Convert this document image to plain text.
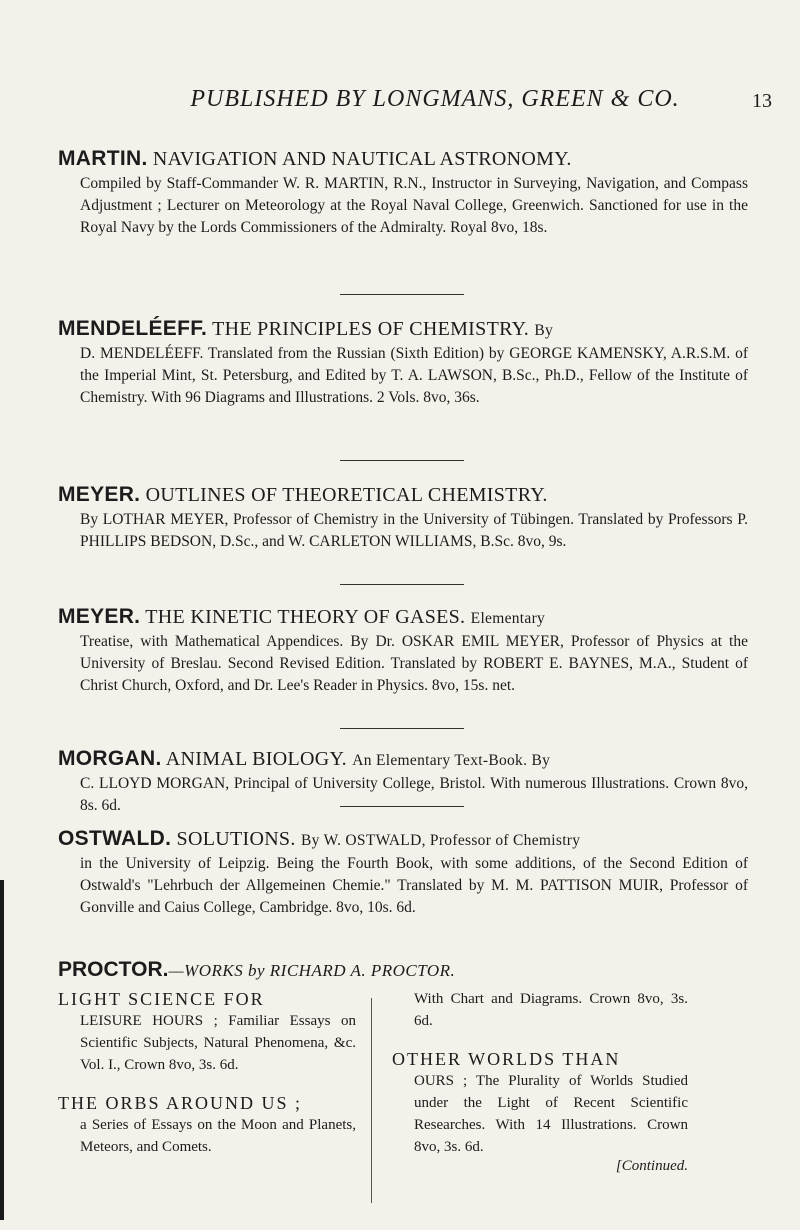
PUBLISHED BY LONGMANS, GREEN & CO.	13
MARTIN. NAVIGATION AND NAUTICAL ASTRONOMY.
Compiled by Staff-Commander W. R. MARTIN, R.N., Instructor in Surveying, Navigation, and Compass Adjustment ; Lecturer on Meteorology at the Royal Naval College, Greenwich. Sanctioned for use in the Royal Navy by the Lords Commissioners of the Admiralty. Royal 8vo, 18s.
MENDELÉEFF. THE PRINCIPLES OF CHEMISTRY. By
D. MENDELÉEFF. Translated from the Russian (Sixth Edition) by GEORGE KAMENSKY, A.R.S.M. of the Imperial Mint, St. Petersburg, and Edited by T. A. LAWSON, B.Sc., Ph.D., Fellow of the Institute of Chemistry. With 96 Diagrams and Illustrations. 2 Vols. 8vo, 36s.
MEYER. OUTLINES OF THEORETICAL CHEMISTRY.
By LOTHAR MEYER, Professor of Chemistry in the University of Tübingen. Translated by Professors P. PHILLIPS BEDSON, D.Sc., and W. CARLETON WILLIAMS, B.Sc. 8vo, 9s.
MEYER. THE KINETIC THEORY OF GASES. Elementary
Treatise, with Mathematical Appendices. By Dr. OSKAR EMIL MEYER, Professor of Physics at the University of Breslau. Second Revised Edition. Translated by ROBERT E. BAYNES, M.A., Student of Christ Church, Oxford, and Dr. Lee's Reader in Physics. 8vo, 15s. net.
MORGAN. ANIMAL BIOLOGY. An Elementary Text-Book. By
C. LLOYD MORGAN, Principal of University College, Bristol. With numerous Illustrations. Crown 8vo, 8s. 6d.
OSTWALD. SOLUTIONS. By W. OSTWALD, Professor of Chemistry
in the University of Leipzig. Being the Fourth Book, with some additions, of the Second Edition of Ostwald's "Lehrbuch der Allgemeinen Chemie." Translated by M. M. PATTISON MUIR, Professor of Gonville and Caius College, Cambridge. 8vo, 10s. 6d.
PROCTOR.—WORKS by RICHARD A. PROCTOR.
LIGHT SCIENCE FOR
LEISURE HOURS ; Familiar Essays on Scientific Subjects, Natural Phenomena, &c. Vol. I., Crown 8vo, 3s. 6d.
THE ORBS AROUND US ;
a Series of Essays on the Moon and Planets, Meteors, and Comets.
With Chart and Diagrams. Crown 8vo, 3s. 6d.
OTHER WORLDS THAN
OURS ; The Plurality of Worlds Studied under the Light of Recent Scientific Researches. With 14 Illustrations. Crown 8vo, 3s. 6d.
[Continued.
